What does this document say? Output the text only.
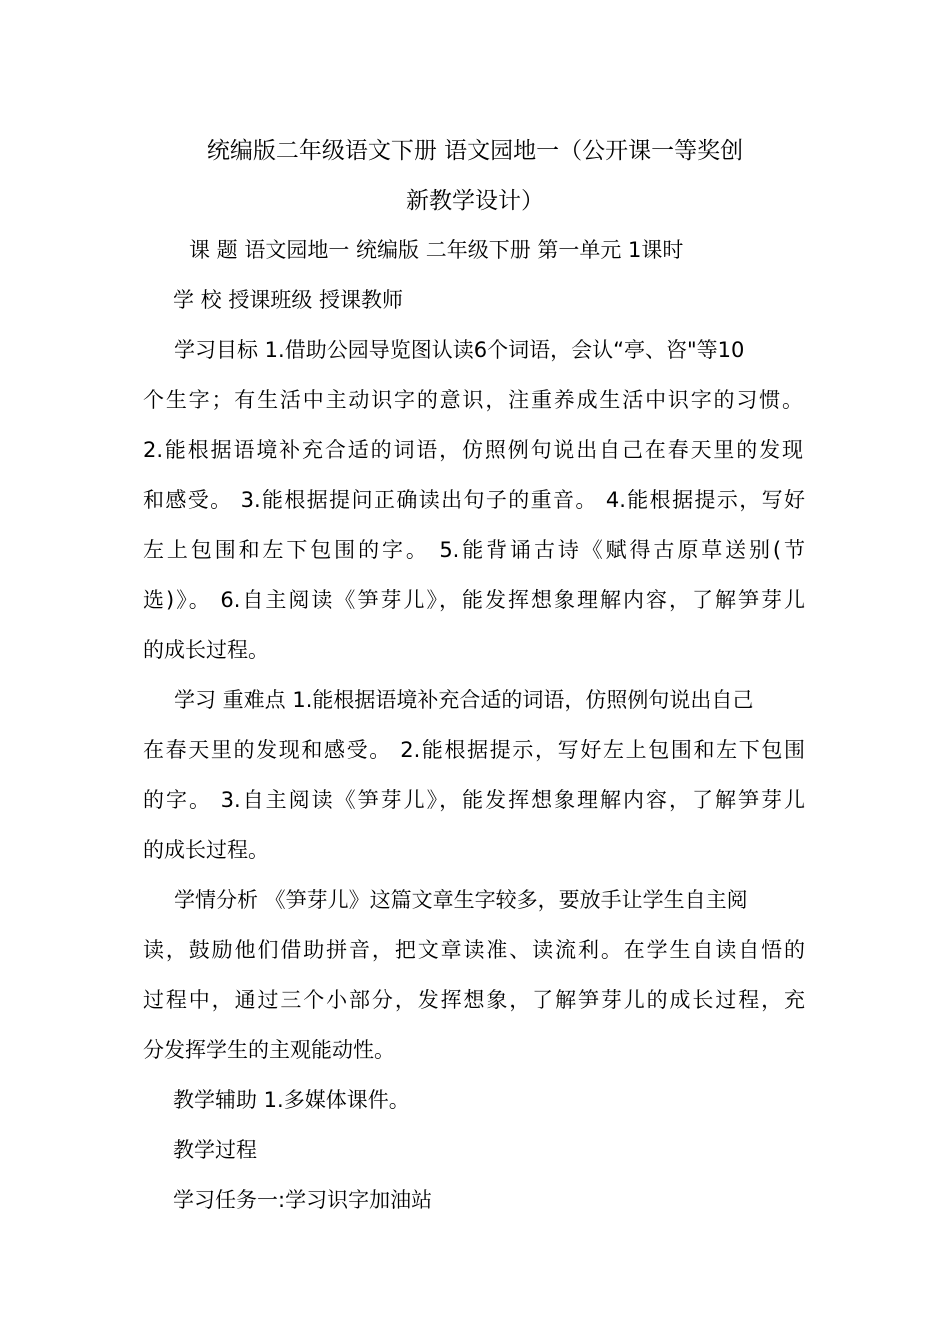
统编版二年级语文下册 语文园地一（公开课一等奖创
新教学设计）
课 题 语文园地一 统编版 二年级下册 第一单元 1课时
学 校 授课班级 授课教师
学习目标 1.借助公园导览图认读6个词语，会认“亭、咨"等10
个生字；有生活中主动识字的意识，注重养成生活中识字的习惯。
2.能根据语境补充合适的词语，仿照例句说出自己在春天里的发现
和感受。 3.能根据提问正确读出句子的重音。 4.能根据提示，写好
左上包围和左下包围的字。 5.能背诵古诗《赋得古原草送别(节
选)》。 6.自主阅读《笋芽儿》，能发挥想象理解内容，了解笋芽儿
的成长过程。
学习 重难点 1.能根据语境补充合适的词语，仿照例句说出自己
在春天里的发现和感受。 2.能根据提示，写好左上包围和左下包围
的字。 3.自主阅读《笋芽儿》，能发挥想象理解内容，了解笋芽儿
的成长过程。
学情分析 《笋芽儿》这篇文章生字较多，要放手让学生自主阅
读，鼓励他们借助拼音，把文章读准、读流利。在学生自读自悟的
过程中，通过三个小部分，发挥想象，了解笋芽儿的成长过程，充
分发挥学生的主观能动性。
教学辅助 1.多媒体课件。
教学过程
学习任务一:学习识字加油站
